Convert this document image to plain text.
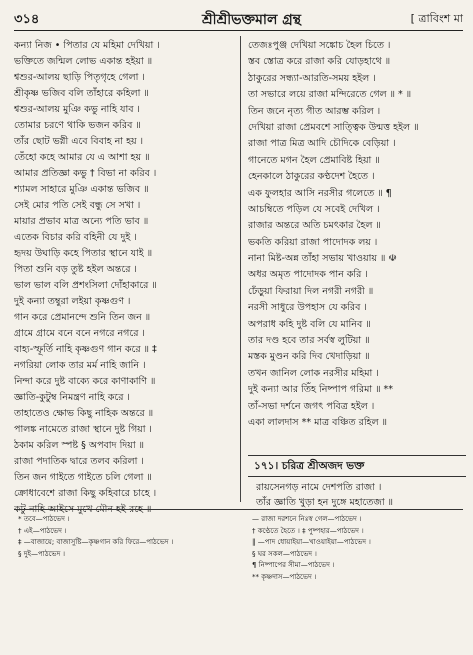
৩১৪	শ্রীশ্রীভক্তমাল গ্রন্থ	[ ত্রাবিংশ মা
কন্যা নিজ • পিতার যে মহিমা দেখিয়া ।
ভক্তিতে জন্মিল লোভ একান্ত হইয়া ॥
শ্বশুর-আলয় ছাড়ি পিতৃগৃহে গেলা ।
শ্রীকৃষ্ণ ভজিব বলি তাঁহারে কহিলা ॥
শ্বশুর-আলয় মুঞি কভু নাহি যাব ।
তোমার চরণে থাকি ভজন করিব ॥
তাঁর ছোট ভগ্নী এবে বিবাহ না হয় ।
তেঁহো কহে আমার যে এ আশা হয় ॥
আমার প্রতিজ্ঞা কভু † বিভা না করিব ।
শ্যামল সাহারে মুঞি একান্ত ভজিব ॥
সেই মোর পতি সেই বন্ধু সে সখা ।
মায়ার প্রভাব মাত্র অন্যে পতি ভাব ॥
এতেক বিচার করি বহিনী যে দুই ।
হৃদয় উঘাড়ি কহে পিতার স্থানে যাই ॥
পিতা শুনি বড় তুষ্ট হইল অন্তরে ।
ভাল ভাল বলি প্রশংসিলা দোঁহাকারে ॥
দুই কন্যা তম্বুরা লইয়া কৃষ্ণগুণ ।
গান করে প্রেমানন্দে শুনি তিন জন ॥
গ্রামে গ্রামে বনে বনে নগরে নগরে ।
বাহ্য-স্ফূর্তি নাহি কৃষ্ণগুণ গান করে ॥ ‡
নগরিয়া লোক তার মর্ম নাহি জানি ।
নিন্দা করে দুষ্ট বাক্যে করে কাণাকাণি ॥
জ্ঞাতি-কুটুম্ব নিমন্ত্রণ নাহি করে ।
তাহাতেও ক্ষোভ কিছু নাহিক অন্তরে ॥
পালঙ্ক নামেতে রাজা স্থানে দুষ্ট গিয়া ।
ঠকাম করিল স্পষ্ট § অপবাদ দিয়া ॥
রাজা পদাতিক দ্বারে তলব করিলা ।
তিন জন গাইতে গাইতে চলি গেলা ॥
ক্রোধাবেশে রাজা কিছু কহিবারে চাহে ।
কটু নাহি আইসে মুখে মৌন হই রহে ॥
তেজঃপুঞ্জ দেখিয়া সঙ্কোচ হৈল চিতে ।
স্তব স্তোত্র করে রাজা করি যোড়হাথে ॥
ঠাকুরের সন্ধ্যা-আরতি-সময় হইল ।
তা সভারে লয়ে রাজা মন্দিরেতে গেল ॥ * ॥
তিন জনে নৃত্য গীত আরম্ভ করিল ।
দেখিয়া রাজা প্রেমবশে সাত্ত্বিক উন্মত্ত হইল ॥
রাজা পাত্র মিত্র আদি চৌদিকে বেড়িয়া ।
গানেতে মগন হৈল প্রেমাবিষ্ট হিয়া ॥
হেনকালে ঠাকুরের কণ্ঠদেশ হৈতে ।
এক ফুলহার আসি নরসীর গলেতে ॥ ¶
আচম্বিতে পড়িল যে সবেই দেখিল ।
রাজার অন্তরে অতি চমৎকার হৈল ॥
ভকতি করিয়া রাজা পাদোদক লয় ।
নানা মিষ্ট-অন্ন তাঁহা সভায় খাওয়ায় ॥ ☫
অধর অমৃত পাদোদক পান করি ।
ঢেঁড়ুয়া ফিরায়া দিল নগরী নগরী ॥
নরসী সাধুরে উপহাস যে করিব ।
অপরাধ কহি দুষ্ট বলি যে মানিব ॥
তার দণ্ড হবে তার সর্বস্ব লুটিয়া ॥
মস্তক মুণ্ডন করি দিব খেদাড়িয়া ॥
তখন জানিল লোক নরসীর মহিমা ।
দুই কন্যা আর তিঁহ নিষ্পাপ গরিমা ॥ **
তাঁ-সভা দর্শনে জগৎ পবিত্র হইল ।
একা লালদাস ** মাত্র বঞ্চিত রহিল ॥
১৭১। চরিত্র শ্রীঅজদ ভক্ত
রায়সেনগড় নামে দেশপতি রাজা ।
তাঁর জ্ঞাতি খুড়া হন দুঙ্গে মহাতেজা ॥
* তবে—পাঠভেদ ।
† এই—পাঠভেদ ।
‡ —বাজায়ে; বাজাসুষ্টি—কৃষ্ণগান করি ফিরে—পাঠভেদ ।
§ দুই—পাঠভেদ ।
— রাজা দরশনে নিঃস্ব গেল—পাঠভেদ ।
† কণ্ঠেতে হৈতে । ‡ পুষ্পহার—পাঠভেদ ।
‖ —পাদ ধোয়াইয়া—খাওয়াইয়া—পাঠভেদ ।
§ ঘর সকল—পাঠভেদ ।
¶ নিষ্পাপের সীমা—পাঠভেদ ।
** কৃষ্ণদাস—পাঠভেদ ।
